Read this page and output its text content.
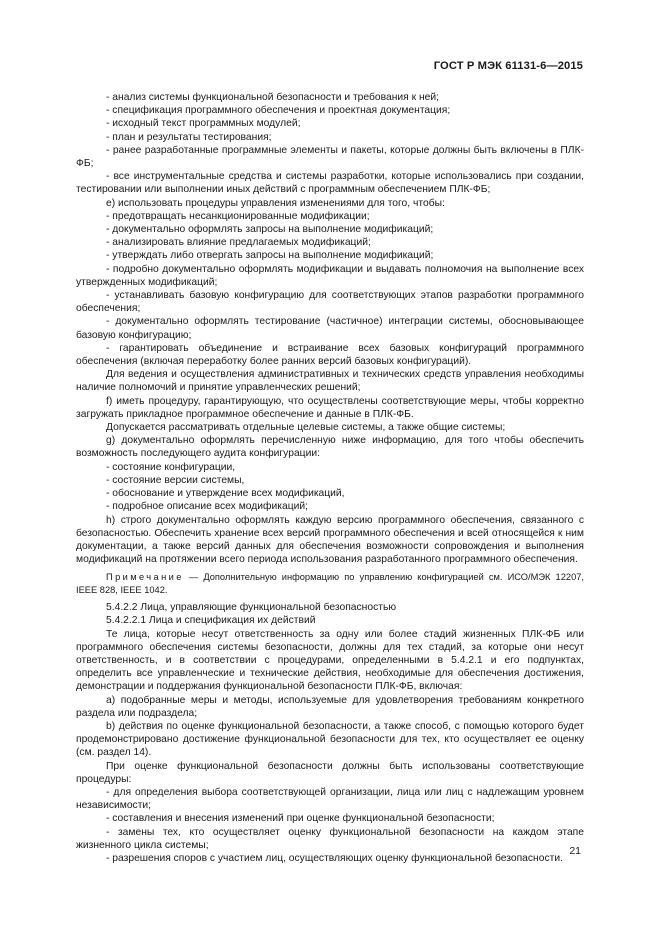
ГОСТ Р МЭК 61131-6—2015

- анализ системы функциональной безопасности и требования к ней;

- спецификация программного обеспечения и проектная документация;

- исходный текст программных модулей;

- план и результаты тестирования;

- ранее разработанные программные элементы и пакеты, которые должны быть включены в ПЛК-ФБ;

- все инструментальные средства и системы разработки, которые использовались при создании, тестировании или выполнении иных действий с программным обеспечением ПЛК-ФБ;

e) использовать процедуры управления изменениями для того, чтобы:

- предотвращать несанкционированные модификации;

- документально оформлять запросы на выполнение модификаций;

- анализировать влияние предлагаемых модификаций;

- утверждать либо отвергать запросы на выполнение модификаций;

- подробно документально оформлять модификации и выдавать полномочия на выполнение всех утвержденных модификаций;

- устанавливать базовую конфигурацию для соответствующих этапов разработки программного обеспечения;

- документально оформлять тестирование (частичное) интеграции системы, обосновывающее базовую конфигурацию;

- гарантировать объединение и встраивание всех базовых конфигураций программного обеспечения (включая переработку более ранних версий базовых конфигураций).

Для ведения и осуществления административных и технических средств управления необходимы наличие полномочий и принятие управленческих решений;

f) иметь процедуру, гарантирующую, что осуществлены соответствующие меры, чтобы корректно загружать прикладное программное обеспечение и данные в ПЛК-ФБ.

Допускается рассматривать отдельные целевые системы, а также общие системы;

g) документально оформлять перечисленную ниже информацию, для того чтобы обеспечить возможность последующего аудита конфигурации:

- состояние конфигурации,

- состояние версии системы,

- обоснование и утверждение всех модификаций,

- подробное описание всех модификаций;

h) строго документально оформлять каждую версию программного обеспечения, связанного с безопасностью. Обеспечить хранение всех версий программного обеспечения и всей относящейся к ним документации, а также версий данных для обеспечения возможности сопровождения и выполнения модификаций на протяжении всего периода использования разработанного программного обеспечения.

Примечание — Дополнительную информацию по управлению конфигурацией см. ИСО/МЭК 12207, IEEE 828, IEEE 1042.

5.4.2.2 Лица, управляющие функциональной безопасностью

5.4.2.2.1 Лица и спецификация их действий

Те лица, которые несут ответственность за одну или более стадий жизненных ПЛК-ФБ или программного обеспечения системы безопасности, должны для тех стадий, за которые они несут ответственность, и в соответствии с процедурами, определенными в 5.4.2.1 и его подпунктах, определить все управленческие и технические действия, необходимые для обеспечения достижения, демонстрации и поддержания функциональной безопасности ПЛК-ФБ, включая:

a) подобранные меры и методы, используемые для удовлетворения требованиям конкретного раздела или подраздела;

b) действия по оценке функциональной безопасности, а также способ, с помощью которого будет продемонстрировано достижение функциональной безопасности для тех, кто осуществляет ее оценку (см. раздел 14).

При оценке функциональной безопасности должны быть использованы соответствующие процедуры:

- для определения выбора соответствующей организации, лица или лиц с надлежащим уровнем независимости;

- составления и внесения изменений при оценке функциональной безопасности;

- замены тех, кто осуществляет оценку функциональной безопасности на каждом этапе жизненного цикла системы;

- разрешения споров с участием лиц, осуществляющих оценку функциональной безопасности.

21
